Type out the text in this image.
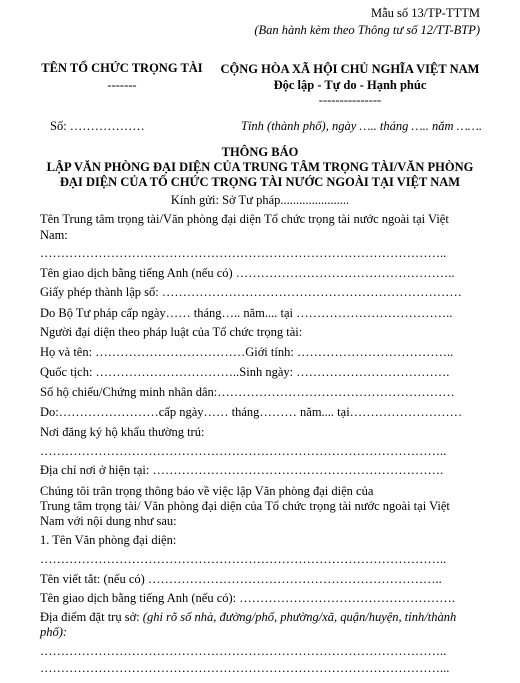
Mẫu số 13/TP-TTTM
(Ban hành kèm theo Thông tư số 12/TT-BTP)
TÊN TỔ CHỨC TRỌNG TÀI
-------
CỘNG HÒA XÃ HỘI CHỦ NGHĨA VIỆT NAM
Độc lập - Tự do - Hạnh phúc
---------------
Số: ………………	Tỉnh (thành phố), ngày ….. tháng ….. năm …….
THÔNG BÁO
LẬP VĂN PHÒNG ĐẠI DIỆN CỦA TRUNG TÂM TRỌNG TÀI/VĂN PHÒNG
ĐẠI DIỆN CỦA TỔ CHỨC TRỌNG TÀI NƯỚC NGOÀI TẠI VIỆT NAM
Kính gửi: Sở Tư pháp......................
Tên Trung tâm trọng tài/Văn phòng đại diện Tổ chức trọng tài nước ngoài tại Việt
Nam:
……………………………………………………………………………………..
Tên giao dịch bằng tiếng Anh (nếu có) ……………………………………………..
Giấy phép thành lập số: ………………………………………………………………
Do Bộ Tư pháp cấp ngày…… tháng….. năm.... tại ………………………………..
Người đại diện theo pháp luật của Tổ chức trọng tài:
Họ và tên: ………………………………Giới tính: ………………………………..
Quốc tịch: ……………………………..Sinh ngày: ……………………………….
Số hộ chiếu/Chứng minh nhân dân:…………………………………………………
Do:……………………cấp ngày…… tháng……… năm.... tại………………………
Nơi đăng ký hộ khẩu thường trú:
……………………………………………………………………………………..
Địa chỉ nơi ở hiện tại: …………………………………………………………….
Chúng tôi trân trọng thông báo về việc lập Văn phòng đại diện của
Trung tâm trọng tài/ Văn phòng đại diện của Tổ chức trọng tài nước ngoài tại Việt
Nam với nội dung như sau:
1. Tên Văn phòng đại diện:
……………………………………………………………………………………..
Tên viết tắt: (nếu có) ……………………………………………………………..
Tên giao dịch bằng tiếng Anh (nếu có): …………………………………………….
Địa điểm đặt trụ sở: (ghi rõ số nhà, đường/phố, phường/xã, quận/huyện, tỉnh/thành
phố):
……………………………………………………………………………………..
……………………………………………………………………………………...
